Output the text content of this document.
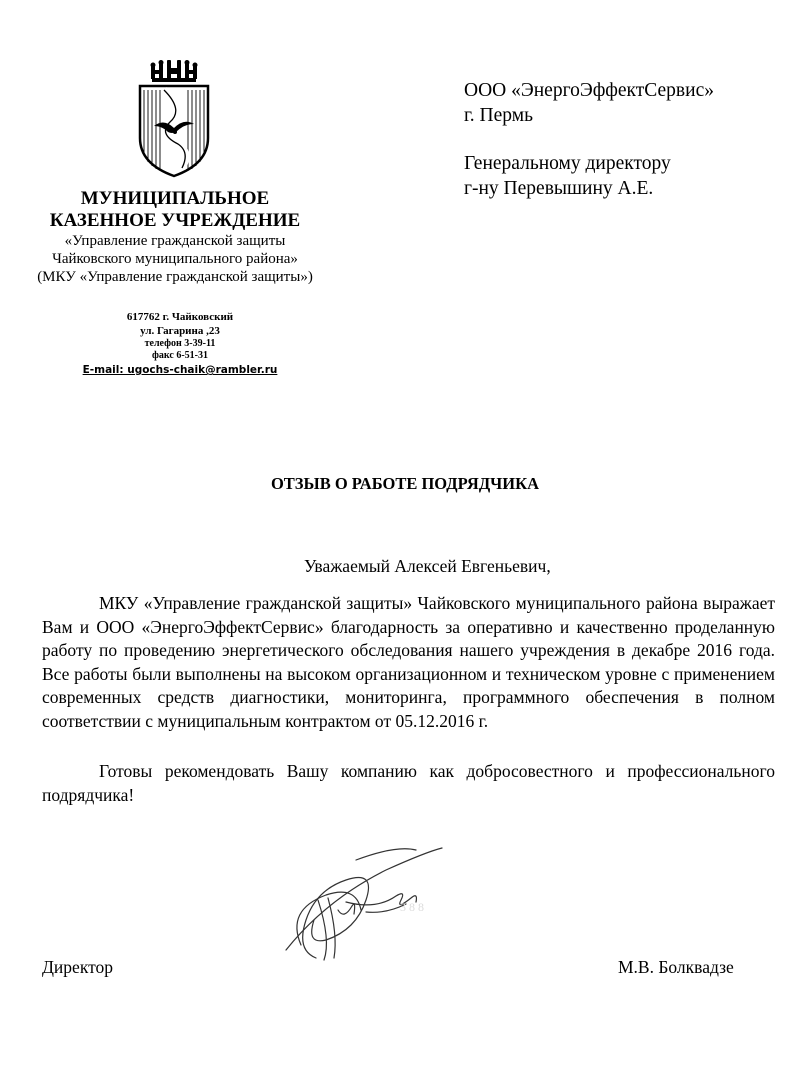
МУНИЦИПАЛЬНОЕ

КАЗЕННОЕ УЧРЕЖДЕНИЕ

«Управление гражданской защиты

Чайковского муниципального района»

(МКУ «Управление гражданской защиты»)

617762 г. Чайковский
ул. Гагарина ,23
телефон 3-39-11
факс 6-51-31
E-mail: ugochs-chaik@rambler.ru
ООО «ЭнергоЭффектСервис»
г. Пермь
Генеральному директору
г-ну Перевышину А.Е.
ОТЗЫВ О РАБОТЕ ПОДРЯДЧИКА
Уважаемый Алексей Евгеньевич,

МКУ «Управление гражданской защиты» Чайковского муниципального района выражает Вам и ООО «ЭнергоЭффектСервис» благодарность за оперативно и качественно проделанную работу по проведению энергетического обследования нашего учреждения в декабре 2016 года. Все работы были выполнены на высоком организационном и техническом уровне с применением современных средств диагностики, мониторинга, программного обеспечения в полном соответствии с муниципальным контрактом от 05.12.2016 г.

Готовы рекомендовать Вашу компанию как добросовестного и профессионального подрядчика!

3 8 8
Директор	М.В. Болквадзе
